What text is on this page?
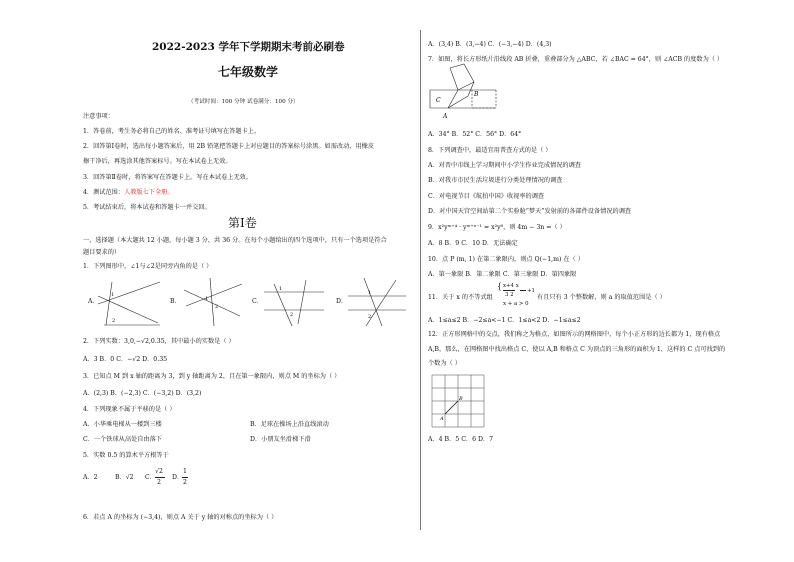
2022-2023 学年下学期期末考前必刷卷
七年级数学
（考试时间：100 分钟 试卷满分：100 分）
注意事项：
1．答卷前，考生务必将自己的姓名、准考证号填写在答题卡上。
2．回答第Ⅰ卷时，选出每小题答案后，用 2B 铅笔把答题卡上对应题目的答案标号涂黑。如需改动，用橡皮
擦干净后，再选涂其他答案标号。写在本试卷上无效。
3．回答第Ⅱ卷时，将答案写在答题卡上。写在本试卷上无效。
4．测试范围：人教版七下全册。
5．考试结束后，将本试卷和答题卡一并交回。
第Ⅰ卷
一、选择题（本大题共 12 小题，每小题 3 分，共 36 分。在每个小题给出的四个选项中，只有一个选项是符合
题目要求的）
1．下列图形中，∠1与∠2是同旁内角的是（ ）
A．	B．	C．	D．
1
2
1
2
1
2
1
2
2．下列实数：3,0,−√2,0.35，其中最小的实数是（ ）
A．3 B．0 C．−√2 D．0.35
3．已知点 M 到 x 轴的距离为 3，到 y 轴距离为 2，且在第一象限内，则点 M 的坐标为（ ）
A．(2,3) B．(−2,3) C．(−3,2) D．(3,2)
4．下列现象不属于平移的是（ ）
A．小华乘电梯从一楼到三楼	B．足球在操场上沿直线滚动
C．一个铁球从高处自由落下	D．小朋友坐滑梯下滑
5．实数 0.5 的算术平方根等于
A．2	B．√2 C．
√2
2
D．
1
2
6．若点 A 的坐标为 (−3,4)，则点 A 关于 y 轴的对称点的坐标为（ ）
A．(3,4) B．(3,−4) C．(−3,−4) D．(4,3)
7．如图，将长方形纸片沿线段 AB 折叠，重叠部分为 △ABC，若 ∠BAC = 64°，则 ∠ACB 的度数为（ ）
C
B
A
A．34° B．52° C．56° D．64°
8．下列调查中，最适宜用普查方式的是（ ）
A．对晋中市线上学习期间中小学生作业完成情况的调查
B．对我市市民生活垃圾进行分类处理情况的调查
C．对电视节目《航拍中国》收视率的调查
D．对中国天宫空间站第二个实验舱“梦天”发射前的各部件设备情况的调查
9．x²yᵐ⁺⁴ · yᵐ⁺ⁿ⁻¹ = x²y⁶，则 4m − 3n =（ ）
A．8 B．9 C．10 D．无法确定
10．点 P (m, 1) 在第二象限内，则点 Q(−1,m) 在（ ）
A．第一象限 B．第二象限 C．第三象限 D．第四象限
11．关于 x 的不等式组
{ x+4 x
3 2
+1
x + a > 0
有且只有 3 个整数解，则 a 的取值范围是（ ）
A．1≤a≤2 B．−2≤a<−1 C．1≤a<2 D．−1≤a≤2
12．正方形网格中的交点，我们称之为格点，如图所示的网格图中，每个小正方形的边长都为 1，现有格点
A,B，那么，在网格图中找出格点 C，使以 A,B 和格点 C 为顶点的三角形的面积为 1，这样的 C 点可找到的
个数为（ ）
B
A
A．4 B．5 C．6 D．7
